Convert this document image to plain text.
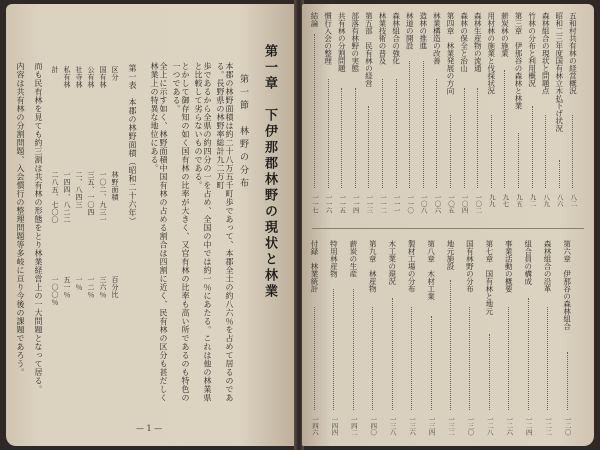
第一章　下伊那郡林野の現状と林業
第一節　林野の分布
本郡の林野面積は約二十八万五千町歩であって、本郡全土の約八六％を占めて居るのである。長野県の林野率総計九二万町
歩であるから全県の約四分の一を占め、全国の中では約一％にあたる。これは他の林業県と比較して劣らないものである。
とかして御存知の如く国有林の比率が大きく、又官有林の比率も高い所であるのも特色の一つである。
全上に示す如く、林野面積中国有林の占める割合は四割に近く、民有林の区分も甚だしく林業上の特異な地位にある。
第一表　本郡の林野面積（昭和二十六年）
区分
林野面積
百分比
国有林
一〇二、九三一
三六％
公有林
三五、一〇四
一二％
社寺林
二、八四三
一％
私有林
一四四、八二二
五一％
計
二八五、七〇〇
一〇〇％
而も民有林を見ても約三割は共有林の形態をとり林業経営上の一大問題となって居る。
内容は共有林の分割問題、入会慣行の整理問題等多岐に亘り今後の課題であろう。
— 1 —
五和村共有林の経営概況
八二
昭和二三年度国有林立木払下げ状況
八六
森林組合の現状と問題点
八九
竹林の分布と利用概況
九二
第三章　伊那谷の森林と林業
九五
薪炭林の施業
九七
用材林の施業と伐採状況
九九
森林生産物の流通
一〇二
森林の保全と治山
一〇四
第四章　林業発展の方向
一〇五
林業構造の改善
一〇六
造林の推進
一〇八
林道の開設
一一〇
森林組合の強化
一一一
林業技術の普及
一一二
第五部　民有林の経営
一一三
部落有林野の実態
一一四
共有林の分割問題
一一五
慣行入会の整理
一一六
結論
一一七
第六章　伊那谷の森林組合
一二〇
森林組合の沿革
一二二
組合員の構成
一二四
事業活動の概要
一二六
第七章　国有林と地元
一二八
国有林野の分布
一三〇
地元施設
一三二
第八章　木材工業
一三四
製材工場の分布
一三六
木工業の現況
一三八
第九章　林産物
一四〇
薪炭の生産
一四二
特用林産物
一四四
付録　林業統計
一四六
